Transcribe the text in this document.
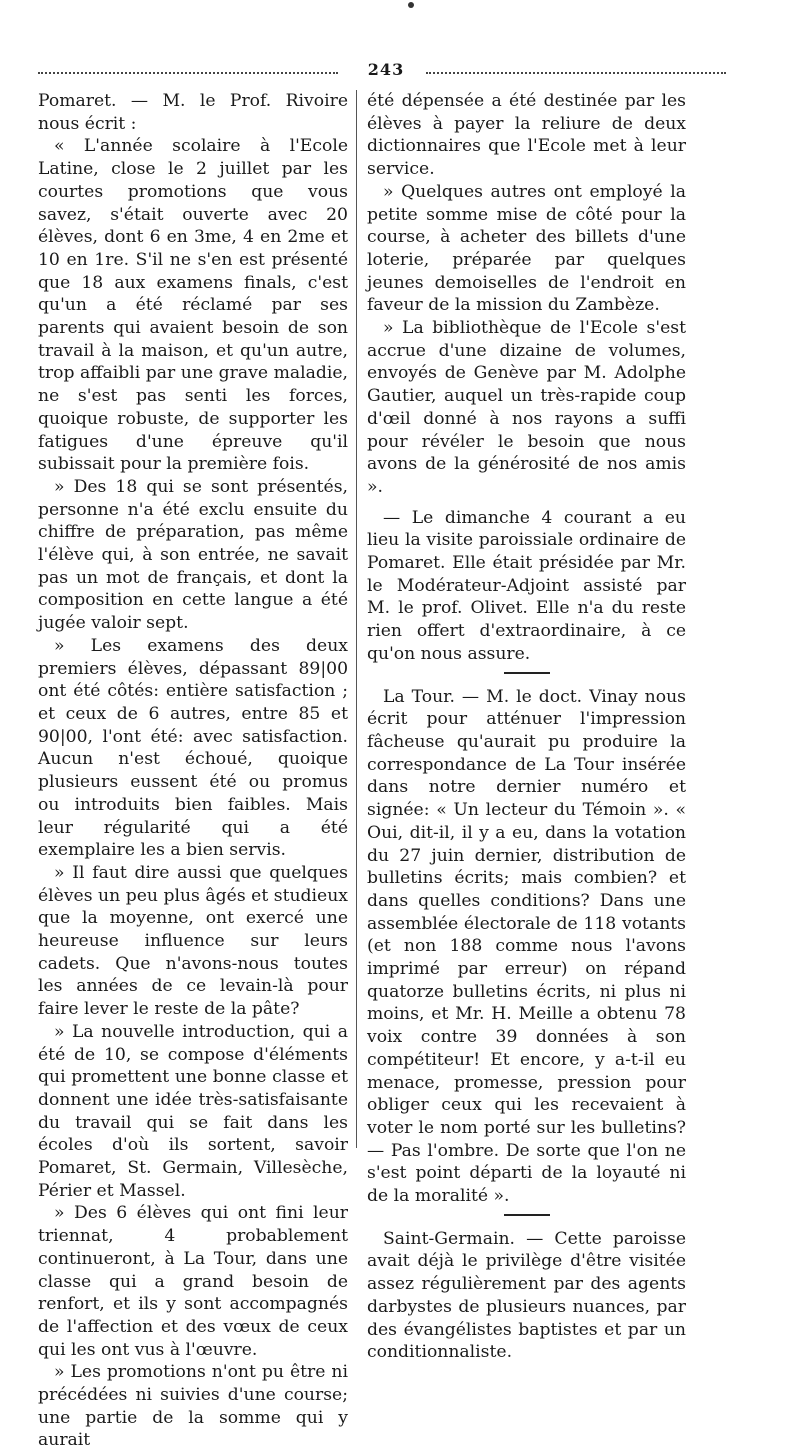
243

Pomaret. — M. le Prof. Rivoire nous écrit :

« L'année scolaire à l'Ecole Latine, close le 2 juillet par les courtes promotions que vous savez, s'était ouverte avec 20 élèves, dont 6 en 3me, 4 en 2me et 10 en 1re. S'il ne s'en est présenté que 18 aux examens finals, c'est qu'un a été réclamé par ses parents qui avaient besoin de son travail à la maison, et qu'un autre, trop affaibli par une grave maladie, ne s'est pas senti les forces, quoique robuste, de supporter les fatigues d'une épreuve qu'il subissait pour la première fois.

» Des 18 qui se sont présentés, personne n'a été exclu ensuite du chiffre de préparation, pas même l'élève qui, à son entrée, ne savait pas un mot de français, et dont la composition en cette langue a été jugée valoir sept.

» Les examens des deux premiers élèves, dépassant 89|00 ont été côtés: entière satisfaction ; et ceux de 6 autres, entre 85 et 90|00, l'ont été: avec satisfaction. Aucun n'est échoué, quoique plusieurs eussent été ou promus ou introduits bien faibles. Mais leur régularité qui a été exemplaire les a bien servis.

» Il faut dire aussi que quelques élèves un peu plus âgés et studieux que la moyenne, ont exercé une heureuse influence sur leurs cadets. Que n'avons-nous toutes les années de ce levain-là pour faire lever le reste de la pâte?

» La nouvelle introduction, qui a été de 10, se compose d'éléments qui promettent une bonne classe et donnent une idée très-satisfaisante du travail qui se fait dans les écoles d'où ils sortent, savoir Pomaret, St. Germain, Villesèche, Périer et Massel.

» Des 6 élèves qui ont fini leur triennat, 4 probablement continueront, à La Tour, dans une classe qui a grand besoin de renfort, et ils y sont accompagnés de l'affection et des vœux de ceux qui les ont vus à l'œuvre.

» Les promotions n'ont pu être ni précédées ni suivies d'une course; une partie de la somme qui y aurait

été dépensée a été destinée par les élèves à payer la reliure de deux dictionnaires que l'Ecole met à leur service.

» Quelques autres ont employé la petite somme mise de côté pour la course, à acheter des billets d'une loterie, préparée par quelques jeunes demoiselles de l'endroit en faveur de la mission du Zambèze.

» La bibliothèque de l'Ecole s'est accrue d'une dizaine de volumes, envoyés de Genève par M. Adolphe Gautier, auquel un très-rapide coup d'œil donné à nos rayons a suffi pour révéler le besoin que nous avons de la générosité de nos amis ».

— Le dimanche 4 courant a eu lieu la visite paroissiale ordinaire de Pomaret. Elle était présidée par Mr. le Modérateur-Adjoint assisté par M. le prof. Olivet. Elle n'a du reste rien offert d'extraordinaire, à ce qu'on nous assure.

La Tour. — M. le doct. Vinay nous écrit pour atténuer l'impression fâcheuse qu'aurait pu produire la correspondance de La Tour insérée dans notre dernier numéro et signée: « Un lecteur du Témoin ». « Oui, dit-il, il y a eu, dans la votation du 27 juin dernier, distribution de bulletins écrits; mais combien? et dans quelles conditions? Dans une assemblée électorale de 118 votants (et non 188 comme nous l'avons imprimé par erreur) on répand quatorze bulletins écrits, ni plus ni moins, et Mr. H. Meille a obtenu 78 voix contre 39 données à son compétiteur! Et encore, y a-t-il eu menace, promesse, pression pour obliger ceux qui les recevaient à voter le nom porté sur les bulletins? — Pas l'ombre. De sorte que l'on ne s'est point départi de la loyauté ni de la moralité ».

Saint-Germain. — Cette paroisse avait déjà le privilège d'être visitée assez régulièrement par des agents darbystes de plusieurs nuances, par des évangélistes baptistes et par un conditionnaliste.
